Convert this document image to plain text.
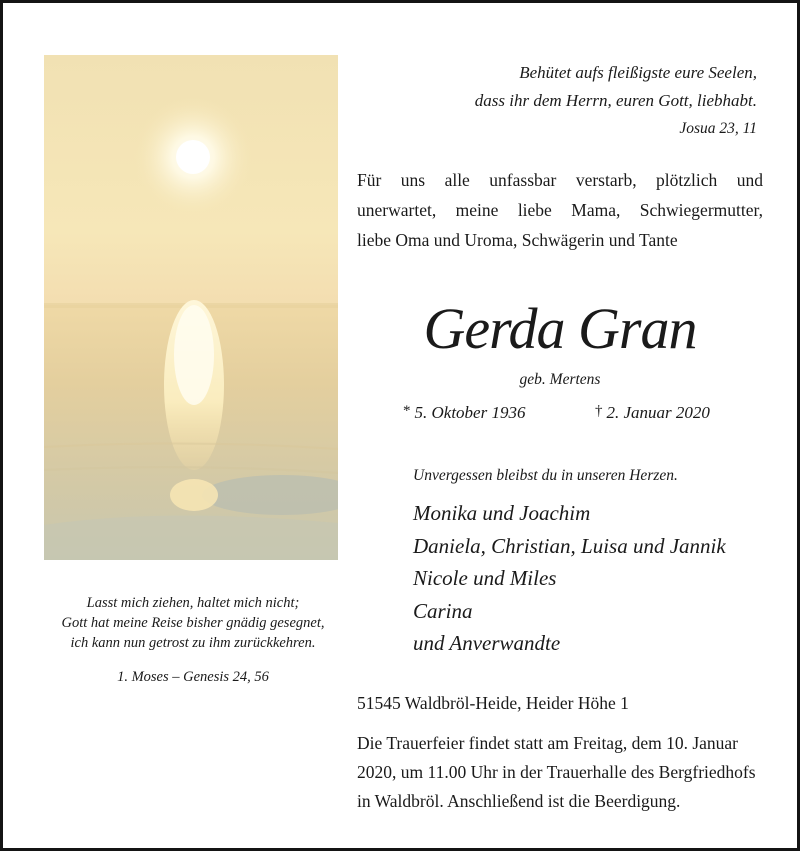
Lasst mich ziehen, haltet mich nicht;
Gott hat meine Reise bisher gnädig gesegnet,
ich kann nun getrost zu ihm zurückkehren.
1. Moses – Genesis 24, 56
Behütet aufs fleißigste eure Seelen,
dass ihr dem Herrn, euren Gott, liebhabt.
Josua 23, 11
Für uns alle unfassbar verstarb, plötzlich und
unerwartet, meine liebe Mama, Schwiegermutter,
liebe Oma und Uroma, Schwägerin und Tante
Gerda Gran
geb. Mertens
* 5. Oktober 1936	† 2. Januar 2020
Unvergessen bleibst du in unseren Herzen.
Monika und Joachim
Daniela, Christian, Luisa und Jannik
Nicole und Miles
Carina
und Anverwandte
51545 Waldbröl-Heide, Heider Höhe 1
Die Trauerfeier findet statt am Freitag, dem 10. Januar
2020, um 11.00 Uhr in der Trauerhalle des Bergfriedhofs
in Waldbröl. Anschließend ist die Beerdigung.
